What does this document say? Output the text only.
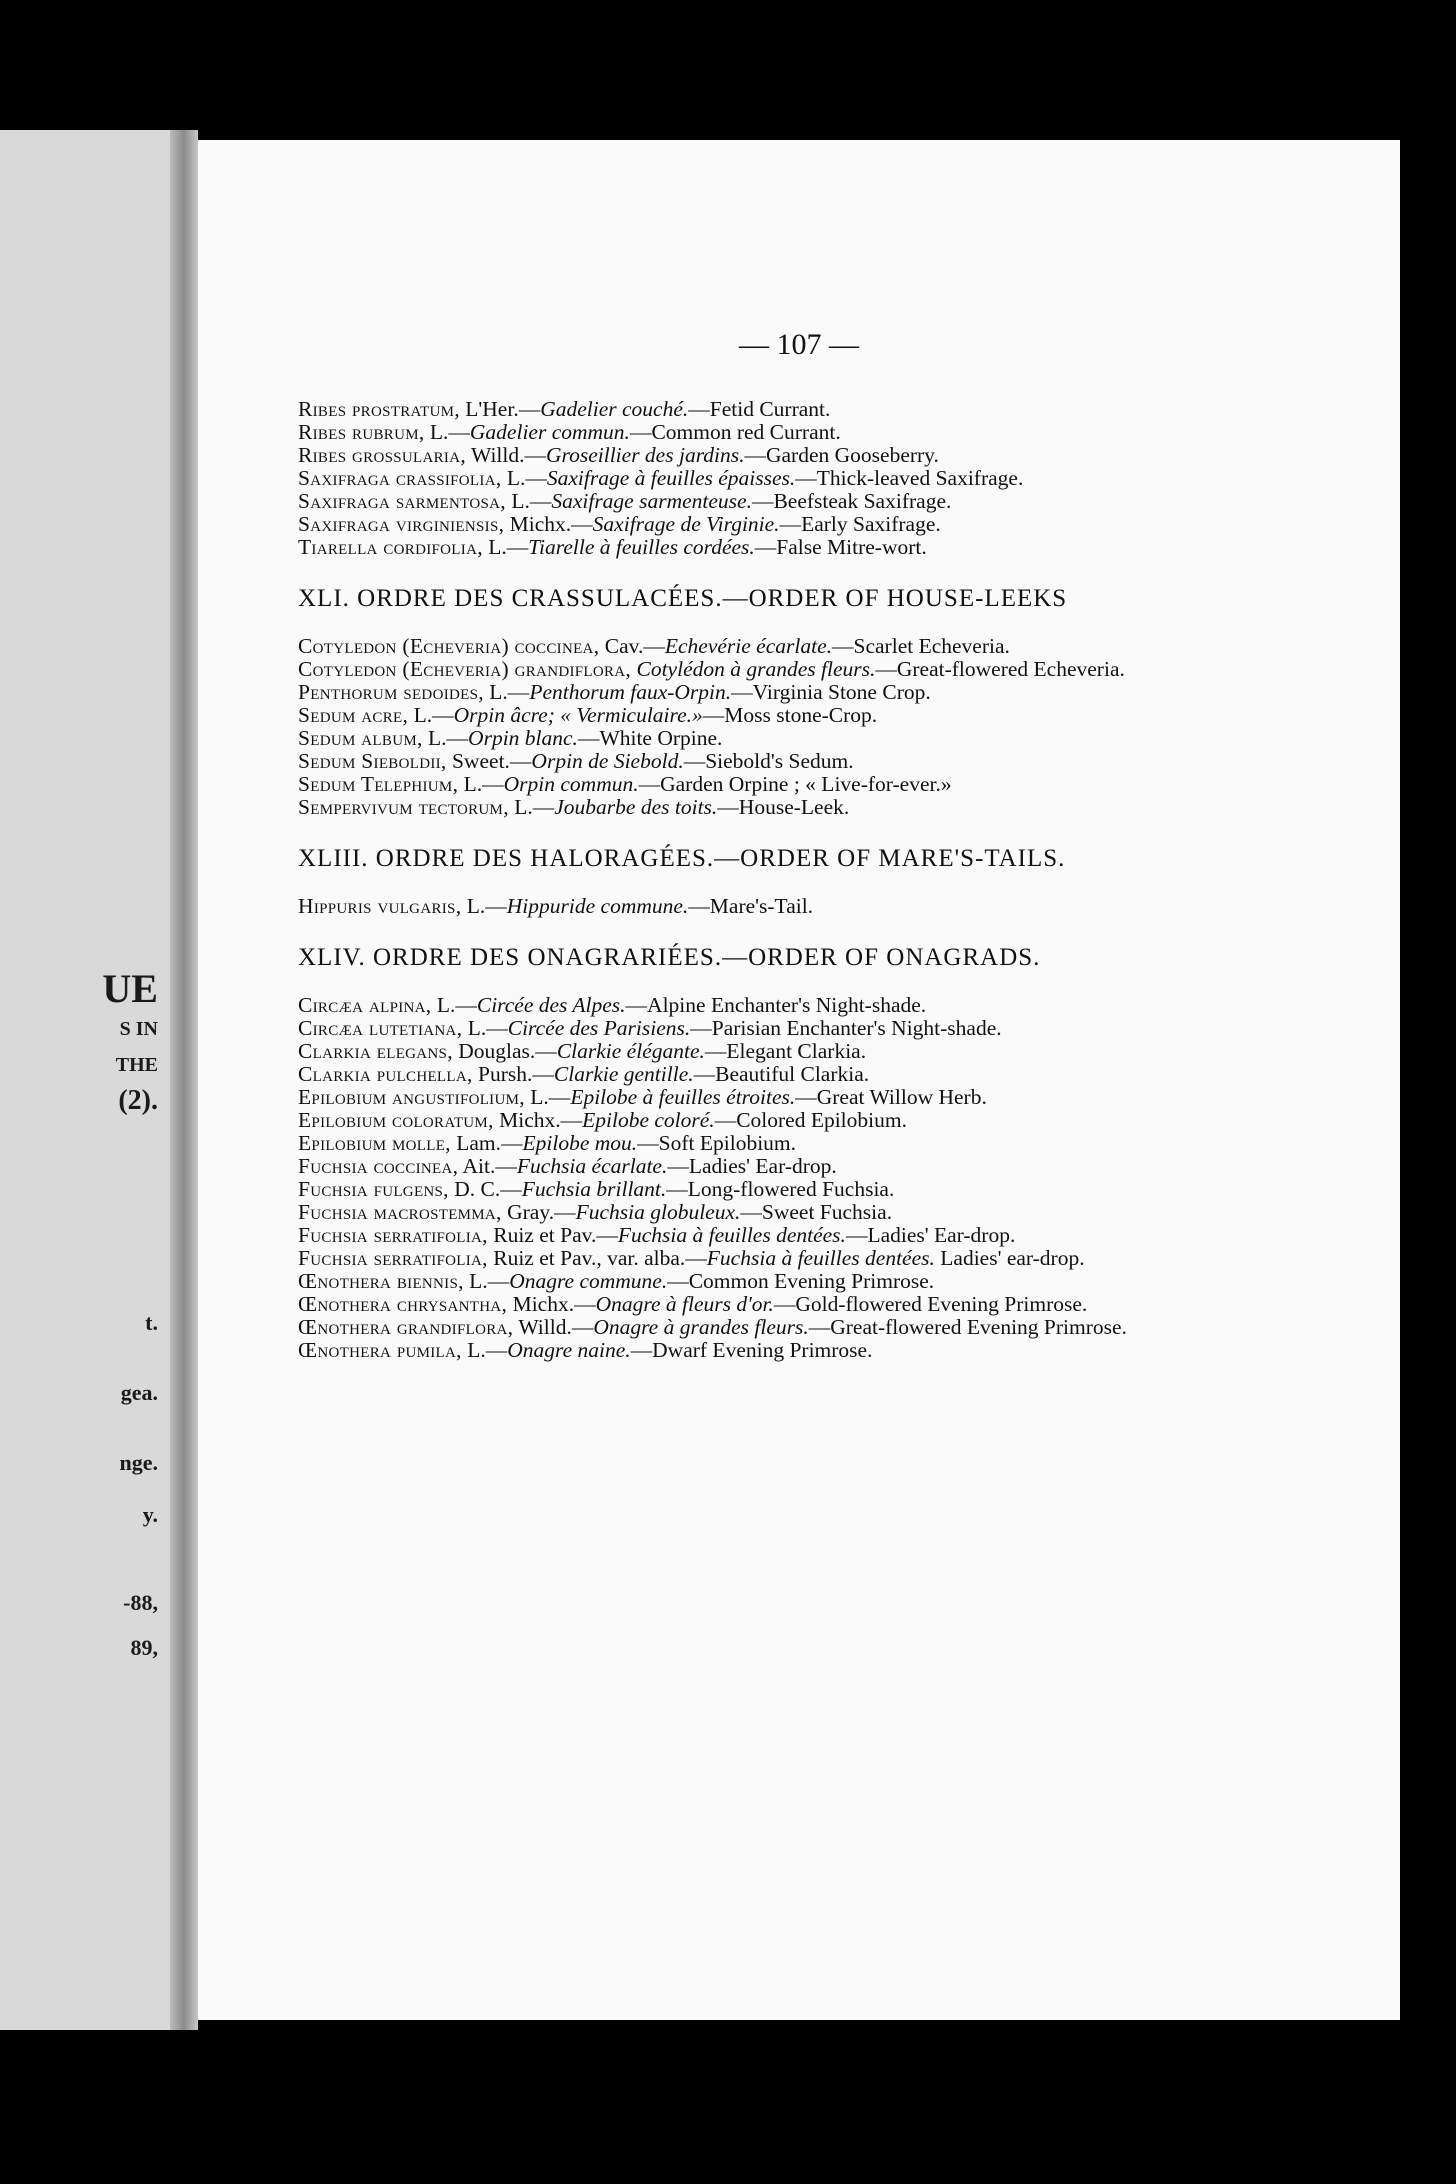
UE
S IN
THE
(2).
t.
gea.
nge.
y.
-88,
89,
— 107 —
Ribes prostratum, L'Her.—Gadelier couché.—Fetid Currant.
Ribes rubrum, L.—Gadelier commun.—Common red Currant.
Ribes grossularia, Willd.—Groseillier des jardins.—Garden Gooseberry.
Saxifraga crassifolia, L.—Saxifrage à feuilles épaisses.—Thick-leaved Saxifrage.
Saxifraga sarmentosa, L.—Saxifrage sarmenteuse.—Beefsteak Saxifrage.
Saxifraga virginiensis, Michx.—Saxifrage de Virginie.—Early Saxifrage.
Tiarella cordifolia, L.—Tiarelle à feuilles cordées.—False Mitre-wort.
XLI. ORDRE DES CRASSULACÉES.—ORDER OF HOUSE-LEEKS
Cotyledon (Echeveria) coccinea, Cav.—Echevérie écarlate.—Scarlet Echeveria.
Cotyledon (Echeveria) grandiflora, Cotylédon à grandes fleurs.—Great-flowered Echeveria.
Penthorum sedoides, L.—Penthorum faux-Orpin.—Virginia Stone Crop.
Sedum acre, L.—Orpin âcre; « Vermiculaire.»—Moss stone-Crop.
Sedum album, L.—Orpin blanc.—White Orpine.
Sedum Sieboldii, Sweet.—Orpin de Siebold.—Siebold's Sedum.
Sedum Telephium, L.—Orpin commun.—Garden Orpine ; « Live-for-ever.»
Sempervivum tectorum, L.—Joubarbe des toits.—House-Leek.
XLIII. ORDRE DES HALORAGÉES.—ORDER OF MARE'S-TAILS.
Hippuris vulgaris, L.—Hippuride commune.—Mare's-Tail.
XLIV. ORDRE DES ONAGRARIÉES.—ORDER OF ONAGRADS.
Circæa alpina, L.—Circée des Alpes.—Alpine Enchanter's Night-shade.
Circæa lutetiana, L.—Circée des Parisiens.—Parisian Enchanter's Night-shade.
Clarkia elegans, Douglas.—Clarkie élégante.—Elegant Clarkia.
Clarkia pulchella, Pursh.—Clarkie gentille.—Beautiful Clarkia.
Epilobium angustifolium, L.—Epilobe à feuilles étroites.—Great Willow Herb.
Epilobium coloratum, Michx.—Epilobe coloré.—Colored Epilobium.
Epilobium molle, Lam.—Epilobe mou.—Soft Epilobium.
Fuchsia coccinea, Ait.—Fuchsia écarlate.—Ladies' Ear-drop.
Fuchsia fulgens, D. C.—Fuchsia brillant.—Long-flowered Fuchsia.
Fuchsia macrostemma, Gray.—Fuchsia globuleux.—Sweet Fuchsia.
Fuchsia serratifolia, Ruiz et Pav.—Fuchsia à feuilles dentées.—Ladies' Ear-drop.
Fuchsia serratifolia, Ruiz et Pav., var. alba.—Fuchsia à feuilles dentées. Ladies' ear-drop.
Œnothera biennis, L.—Onagre commune.—Common Evening Primrose.
Œnothera chrysantha, Michx.—Onagre à fleurs d'or.—Gold-flowered Evening Primrose.
Œnothera grandiflora, Willd.—Onagre à grandes fleurs.—Great-flowered Evening Primrose.
Œnothera pumila, L.—Onagre naine.—Dwarf Evening Primrose.
